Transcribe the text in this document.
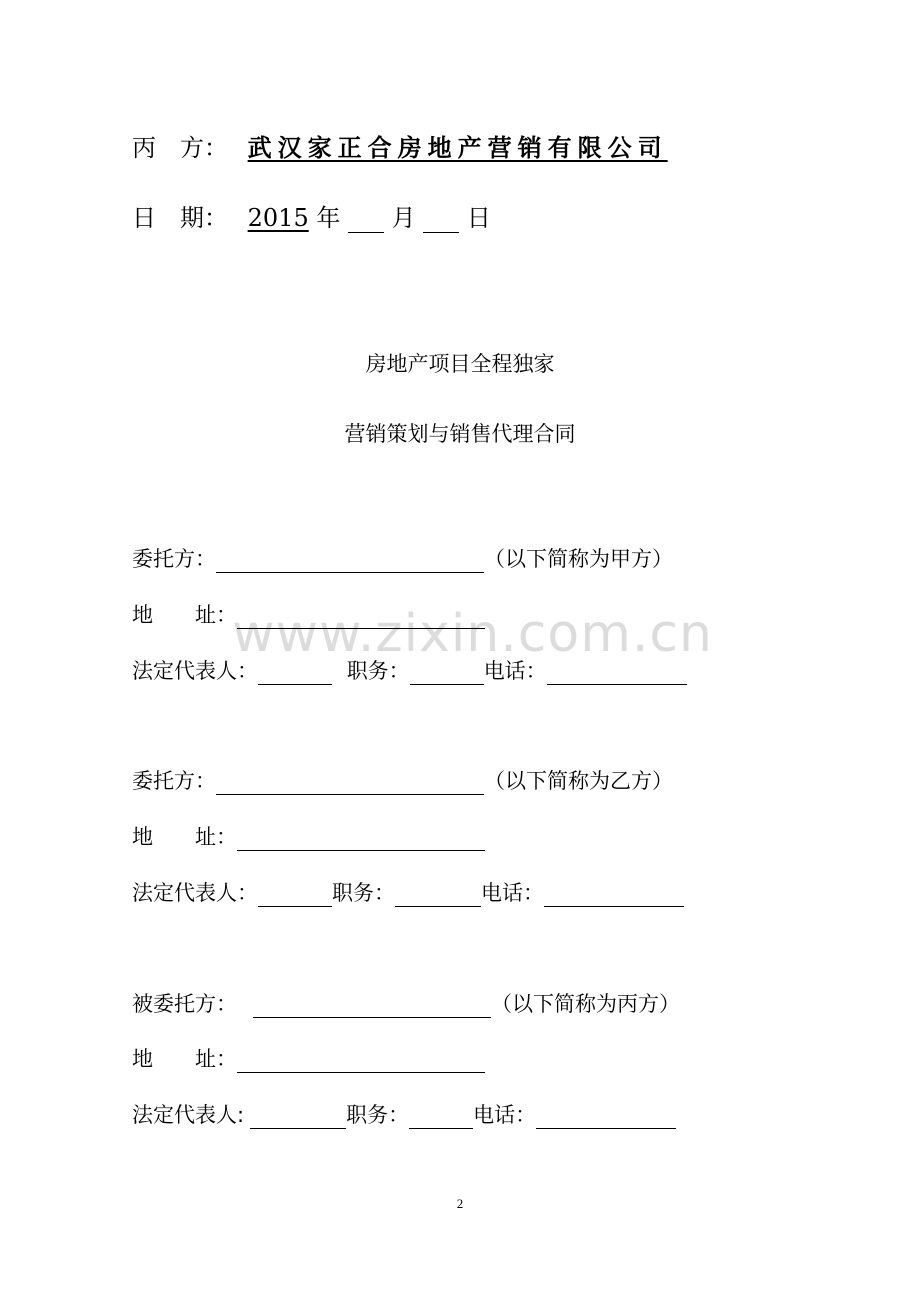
www.zixin.com.cn
丙　方： 武汉家正合房地产营销有限公司
日　期： 2015 年 月 日
房地产项目全程独家
营销策划与销售代理合同
委托方：	（以下简称为甲方）
地　　址：
法定代表人：	职务：	电话：
委托方：	（以下简称为乙方）
地　　址：
法定代表人：	职务：	电话：
被委托方：	（以下简称为丙方）
地　　址：
法定代表人:	职务：	电话：
2
